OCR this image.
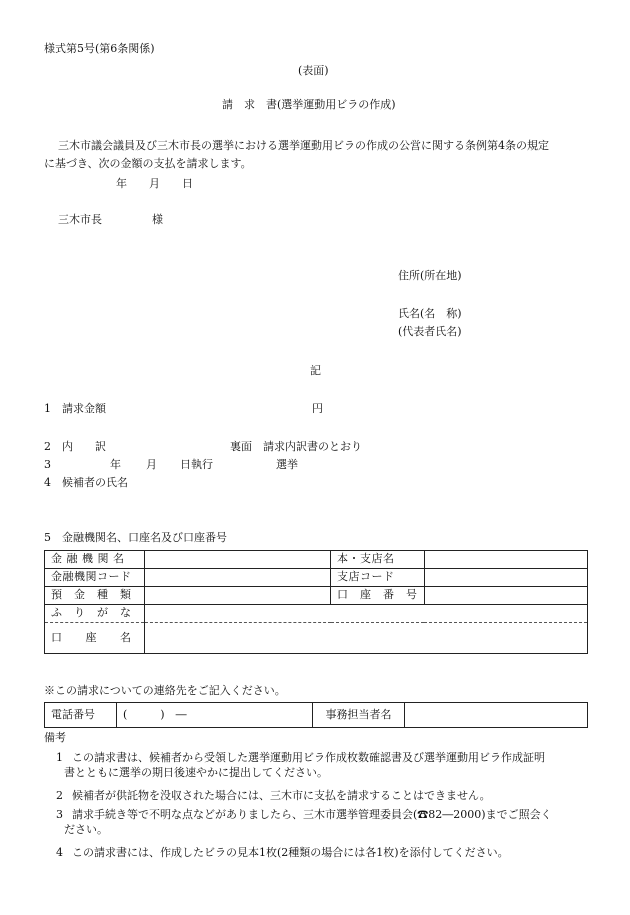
様式第5号(第6条関係)
(表面)
請　求　書(選挙運動用ビラの作成)
三木市議会議員及び三木市長の選挙における選挙運動用ビラの作成の公営に関する条例第4条の規定
に基づき、次の金額の支払を請求します。
年　　月　　日
三木市長	様
住所(所在地)
氏名(名　称)
(代表者氏名)
記
1 請求金額	円
2 内　　訳	裏面　請求内訳書のとおり
3	年 月 日執行	選挙
4 候補者の氏名
5 金融機関名、口座名及び口座番号
金 融 機 関 名		本・支店名	
金融機関コード		支店コード	
預　金　種　類		口　座　番　号	
ふ　り　が　な			
口　　座　　名			
※この請求についての連絡先をご記入ください。
電話番号	(　　　)　―	事務担当者名	
備考
1 この請求書は、候補者から受領した選挙運動用ビラ作成枚数確認書及び選挙運動用ビラ作成証明
書とともに選挙の期日後速やかに提出してください。
2 候補者が供託物を没収された場合には、三木市に支払を請求することはできません。
3 請求手続き等で不明な点などがありましたら、三木市選挙管理委員会(☎82―2000)までご照会く
ださい。
4 この請求書には、作成したビラの見本1枚(2種類の場合には各1枚)を添付してください。
